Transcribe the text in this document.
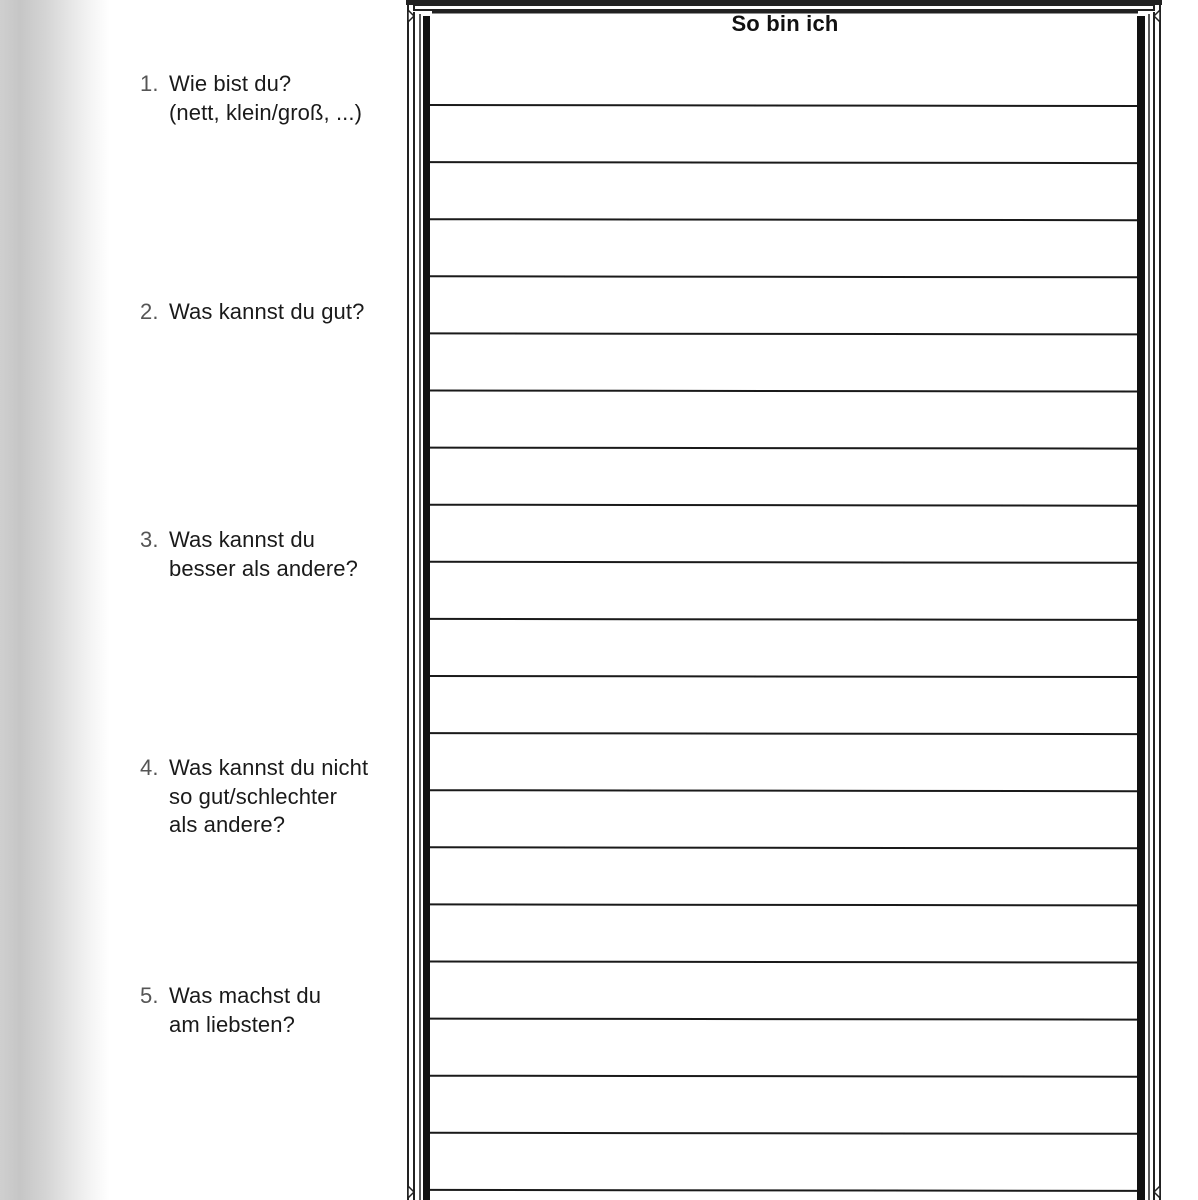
1. Wie bist du?
(nett, klein/groß, ...)
2. Was kannst du gut?
3. Was kannst du
besser als andere?
4. Was kannst du nicht
so gut/schlechter
als andere?
5. Was machst du
am liebsten?
So bin ich
